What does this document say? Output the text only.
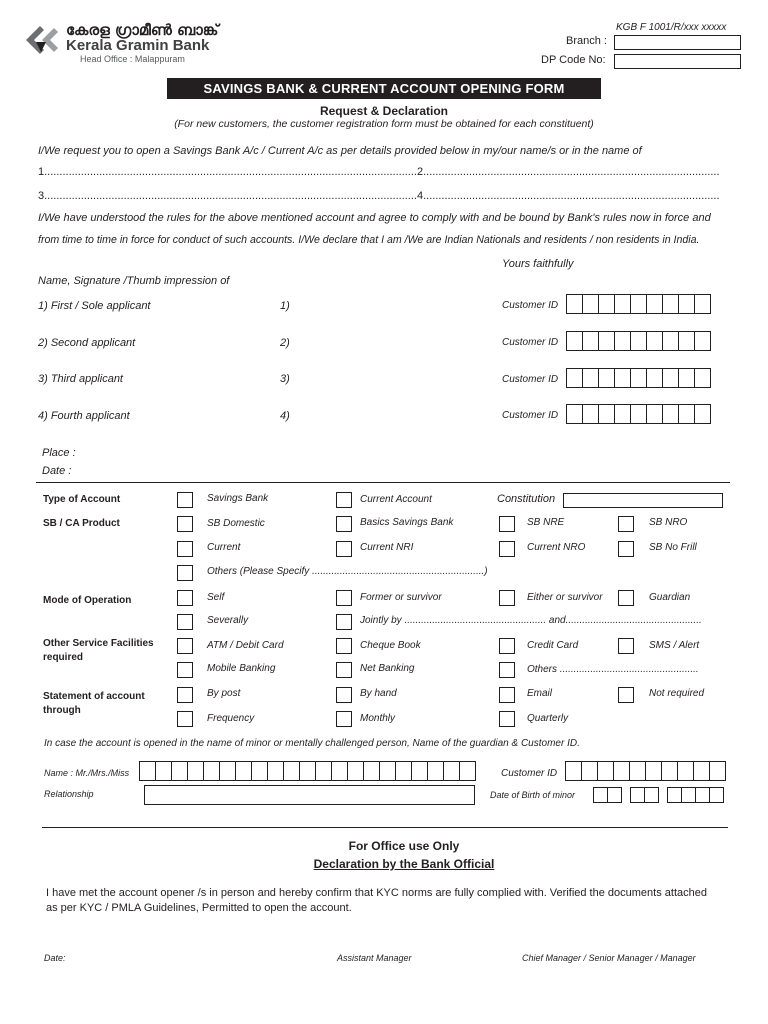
കേരള ഗ്രാമീൺ ബാങ്ക്
Kerala Gramin Bank
Head Office : Malappuram
KGB F 1001/R/xxx xxxxx
Branch :
DP Code No:
SAVINGS BANK & CURRENT ACCOUNT OPENING FORM
Request & Declaration
(For new customers, the customer registration form must be obtained for each constituent)
I/We request you to open a Savings Bank A/c / Current A/c as per details provided below in my/our name/s or in the name of
1..........................................................................................................................2.................................................................................................
3..........................................................................................................................4.................................................................................................
I/We have understood the rules for the above mentioned account and agree to comply with and be bound by Bank's rules now in force and
from time to time in force for conduct of such accounts. I/We declare that I am /We are Indian Nationals and residents / non residents in India.
Yours faithfully
Name, Signature /Thumb impression of
1) First / Sole applicant	1)	Customer ID
2) Second applicant	2)	Customer ID
3) Third applicant	3)	Customer ID
4) Fourth applicant	4)	Customer ID
Place :
Date :
Type of Account	Savings Bank	Current Account	Constitution
SB / CA Product	SB Domestic	Basics Savings Bank	SB NRE	SB NRO
Current	Current NRI	Current NRO	SB No Frill
Others (Please Specify ..............................................................)
Mode of Operation	Self	Former or survivor	Either or survivor	Guardian
Severally	Jointly by ................................................... and.................................................
Other Service Facilities
required
ATM / Debit Card	Cheque Book	Credit Card	SMS / Alert
Mobile Banking	Net Banking	Others ..................................................
Statement of account
through
By post	By hand	Email	Not required
Frequency	Monthly	Quarterly
In case the account is opened in the name of minor or mentally challenged person, Name of the guardian & Customer ID.
Name : Mr./Mrs./Miss	Customer ID
Relationship	Date of Birth of minor
For Office use Only
Declaration by the Bank Official
I have met the account opener /s in person and hereby confirm that KYC norms are fully complied with. Verified the documents attached
as per KYC / PMLA Guidelines, Permitted to open the account.
Date:	Assistant Manager	Chief Manager / Senior Manager / Manager
